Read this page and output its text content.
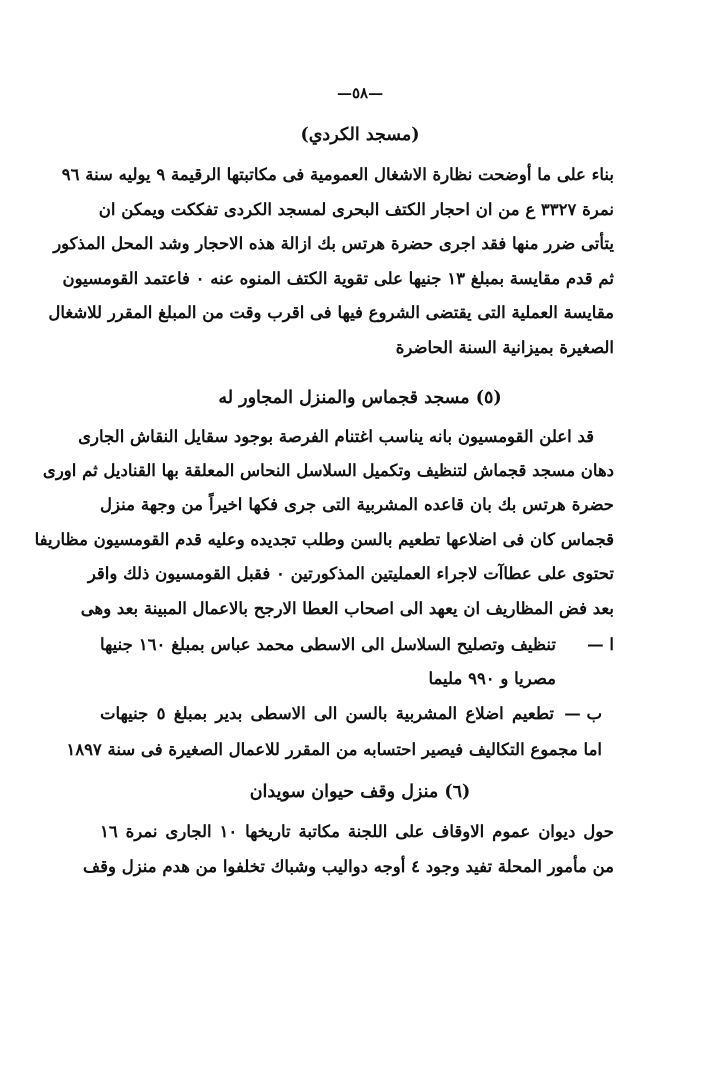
—٥٨—
(مسجد الكردي)
بناء على ما أوضحت نظارة الاشغال العمومية فى مكاتبتها الرقيمة ٩ يوليه سنة ٩٦
نمرة ٣٣٢٧ ع من ان احجار الكتف البحرى لمسجد الكردى تفككت ويمكن ان
يتأتى ضرر منها فقد اجرى حضرة هرتس بك ازالة هذه الاحجار وشد المحل المذكور
ثم قدم مقايسة بمبلغ ١٣ جنيها على تقوية الكتف المنوه عنه ٠ فاعتمد القومسيون
مقايسة العملية التى يقتضى الشروع فيها فى اقرب وقت من المبلغ المقرر للاشغال
الصغيرة بميزانية السنة الحاضرة
(٥) مسجد قجماس والمنزل المجاور له
قد اعلن القومسيون بانه يناسب اغتنام الفرصة بوجود سقايل النقاش الجارى
دهان مسجد قجماش لتنظيف وتكميل السلاسل النحاس المعلقة بها القناديل ثم اورى
حضرة هرتس بك بان قاعده المشربية التى جرى فكها اخيراً من وجهة منزل
قجماس كان فى اضلاعها تطعيم بالسن وطلب تجديده وعليه قدم القومسيون مظاريفا
تحتوى على عطاآت لاجراء العمليتين المذكورتين ٠ فقبل القومسيون ذلك واقر
بعد فض المظاريف ان يعهد الى اصحاب العطا الارجح بالاعمال المبينة بعد وهى
ا —تنظيف وتصليح السلاسل الى الاسطى محمد عباس بمبلغ ١٦٠ جنيها
مصريا و ٩٩٠ مليما
ب —تطعيم اضلاع المشربية بالسن الى الاسطى بدير بمبلغ ٥ جنيهات
اما مجموع التكاليف فيصير احتسابه من المقرر للاعمال الصغيرة فى سنة ١٨٩٧
(٦) منزل وقف حيوان سويدان
حول ديوان عموم الاوقاف على اللجنة مكاتبة تاريخها ١٠ الجارى نمرة ١٦
من مأمور المحلة تفيد وجود ٤ أوجه دواليب وشباك تخلفوا من هدم منزل وقف
